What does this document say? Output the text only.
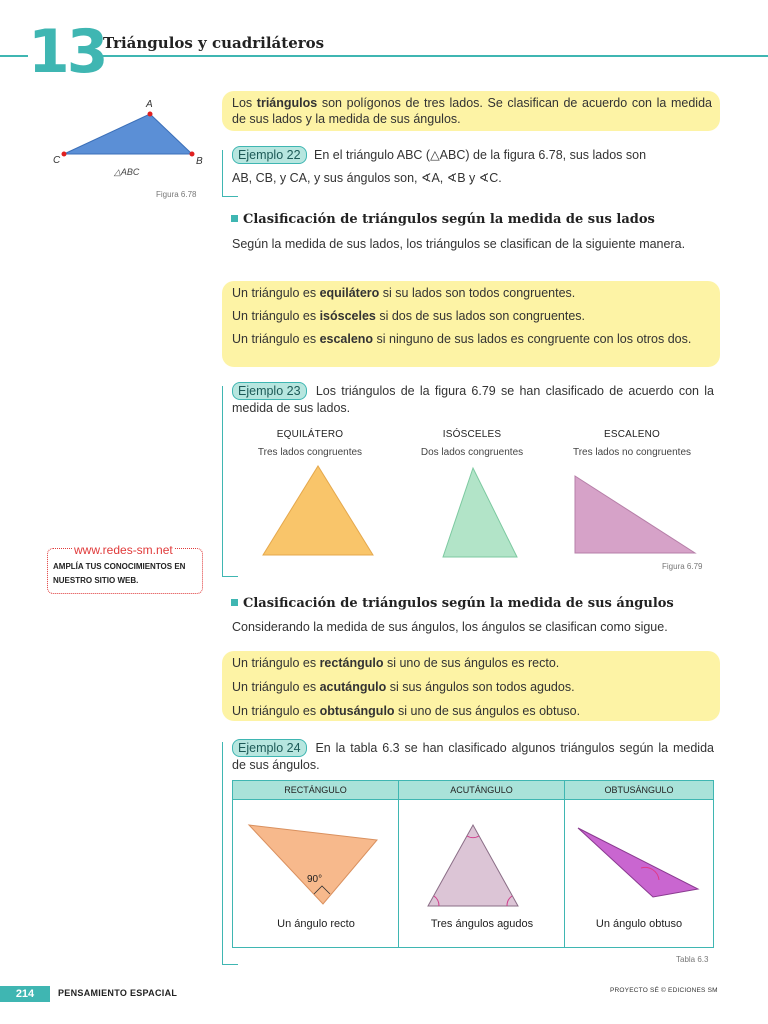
13
Triángulos y cuadriláteros
A
B
C
△ABC
Figura 6.78
Los triángulos son polígonos de tres lados. Se clasifican de acuerdo con la medida de sus lados y la medida de sus ángulos.
Ejemplo 22 En el triángulo ABC (△ABC) de la figura 6.78, sus lados son
AB, CB, y CA, y sus ángulos son, ∢A, ∢B y ∢C.
Clasificación de triángulos según la medida de sus lados
Según la medida de sus lados, los triángulos se clasifican de la siguiente manera.
Un triángulo es equilátero si su lados son todos congruentes.
Un triángulo es isósceles si dos de sus lados son congruentes.
Un triángulo es escaleno si ninguno de sus lados es congruente con los otros dos.
Ejemplo 23 Los triángulos de la figura 6.79 se han clasificado de acuerdo con la medida de sus lados.
EQUILÁTERO
Tres lados congruentes
ISÓSCELES
Dos lados congruentes
ESCALENO
Tres lados no congruentes
Figura 6.79
www.redes-sm.net
AMPLÍA TUS CONOCIMIENTOS EN
NUESTRO SITIO WEB.
Clasificación de triángulos según la medida de sus ángulos
Considerando la medida de sus ángulos, los ángulos se clasifican como sigue.
Un triángulo es rectángulo si uno de sus ángulos es recto.
Un triángulo es acutángulo si sus ángulos son todos agudos.
Un triángulo es obtusángulo si uno de sus ángulos es obtuso.
Ejemplo 24 En la tabla 6.3 se han clasificado algunos triángulos según la medida de sus ángulos.
RECTÁNGULO	ACUTÁNGULO	OBTUSÁNGULO
90°
Un ángulo recto	Tres ángulos agudos	Un ángulo obtuso
Tabla 6.3
214	PENSAMIENTO ESPACIAL	PROYECTO SÉ © EDICIONES SM
